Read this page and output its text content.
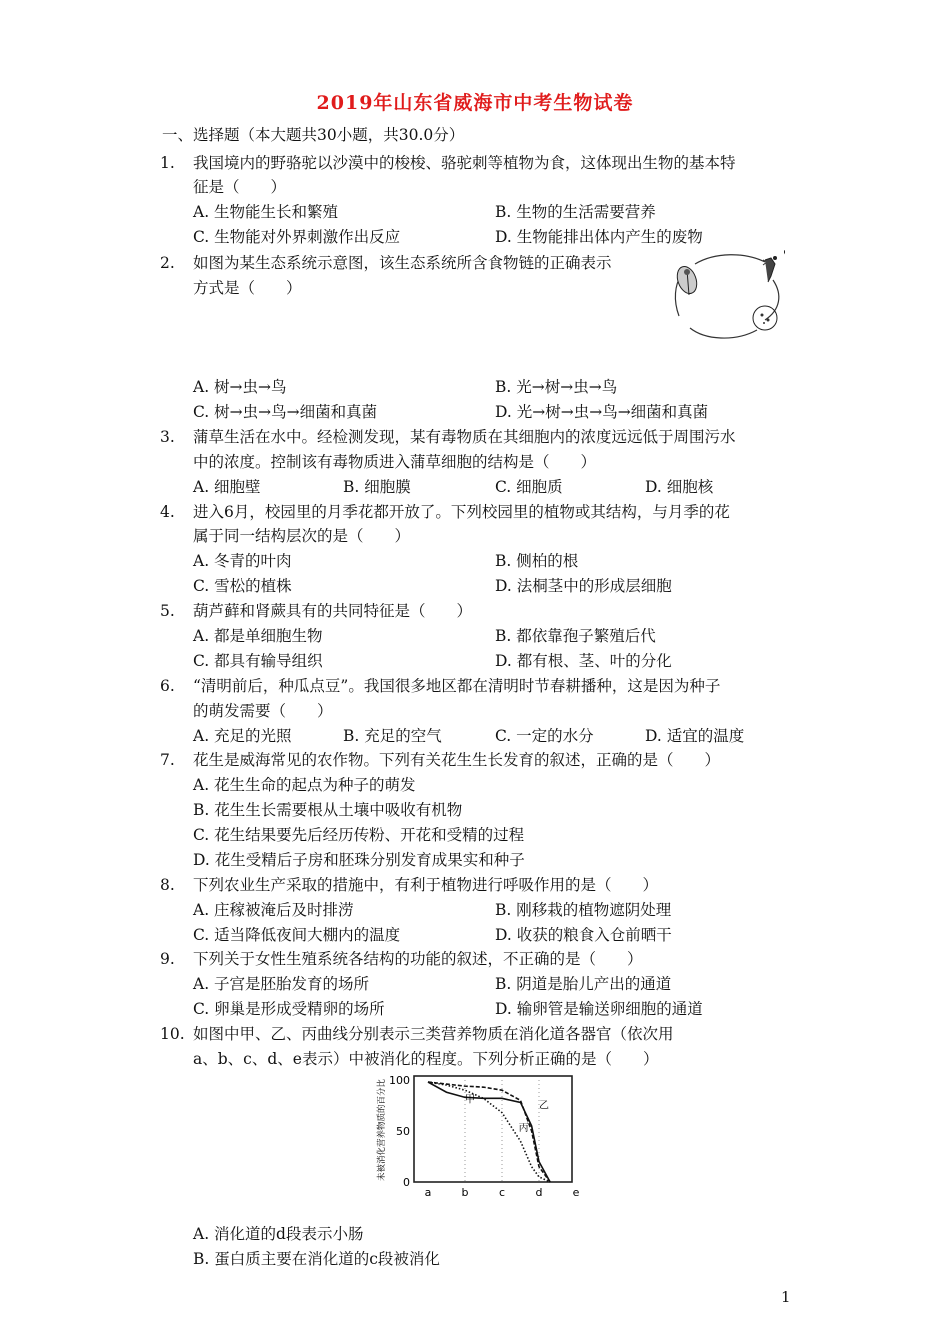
2019年山东省威海市中考生物试卷
一、选择题（本大题共30小题，共30.0分）
1. 我国境内的野骆驼以沙漠中的梭梭、骆驼刺等植物为食，这体现出生物的基本特
征是（　　）
A. 生物能生长和繁殖	B. 生物的生活需要营养
C. 生物能对外界刺激作出反应	D. 生物能排出体内产生的废物
2. 如图为某生态系统示意图，该生态系统所含食物链的正确表示
方式是（　　）
A. 树→虫→鸟	B. 光→树→虫→鸟
C. 树→虫→鸟→细菌和真菌	D. 光→树→虫→鸟→细菌和真菌
3. 蒲草生活在水中。经检测发现，某有毒物质在其细胞内的浓度远远低于周围污水
中的浓度。控制该有毒物质进入蒲草细胞的结构是（　　）
A. 细胞壁	B. 细胞膜	C. 细胞质	D. 细胞核
4. 进入6月，校园里的月季花都开放了。下列校园里的植物或其结构，与月季的花
属于同一结构层次的是（　　）
A. 冬青的叶肉	B. 侧柏的根
C. 雪松的植株	D. 法桐茎中的形成层细胞
5. 葫芦藓和肾蕨具有的共同特征是（　　）
A. 都是单细胞生物	B. 都依靠孢子繁殖后代
C. 都具有输导组织	D. 都有根、茎、叶的分化
6. “清明前后，种瓜点豆”。我国很多地区都在清明时节春耕播种，这是因为种子
的萌发需要（　　）
A. 充足的光照	B. 充足的空气	C. 一定的水分	D. 适宜的温度
7. 花生是威海常见的农作物。下列有关花生生长发育的叙述，正确的是（　　）
A. 花生生命的起点为种子的萌发
B. 花生生长需要根从土壤中吸收有机物
C. 花生结果要先后经历传粉、开花和受精的过程
D. 花生受精后子房和胚珠分别发育成果实和种子
8. 下列农业生产采取的措施中，有利于植物进行呼吸作用的是（　　）
A. 庄稼被淹后及时排涝	B. 刚移栽的植物遮阴处理
C. 适当降低夜间大棚内的温度	D. 收获的粮食入仓前晒干
9. 下列关于女性生殖系统各结构的功能的叙述，不正确的是（　　）
A. 子宫是胚胎发育的场所	B. 阴道是胎儿产出的通道
C. 卵巢是形成受精卵的场所	D. 输卵管是输送卵细胞的通道
10. 如图中甲、乙、丙曲线分别表示三类营养物质在消化道各器官（依次用
a、b、c、d、e表示）中被消化的程度。下列分析正确的是（　　）
未被消化营养物质的百分比 100
50
0
a	b	c	d	e
甲
乙
丙
A. 消化道的d段表示小肠
B. 蛋白质主要在消化道的c段被消化
1
